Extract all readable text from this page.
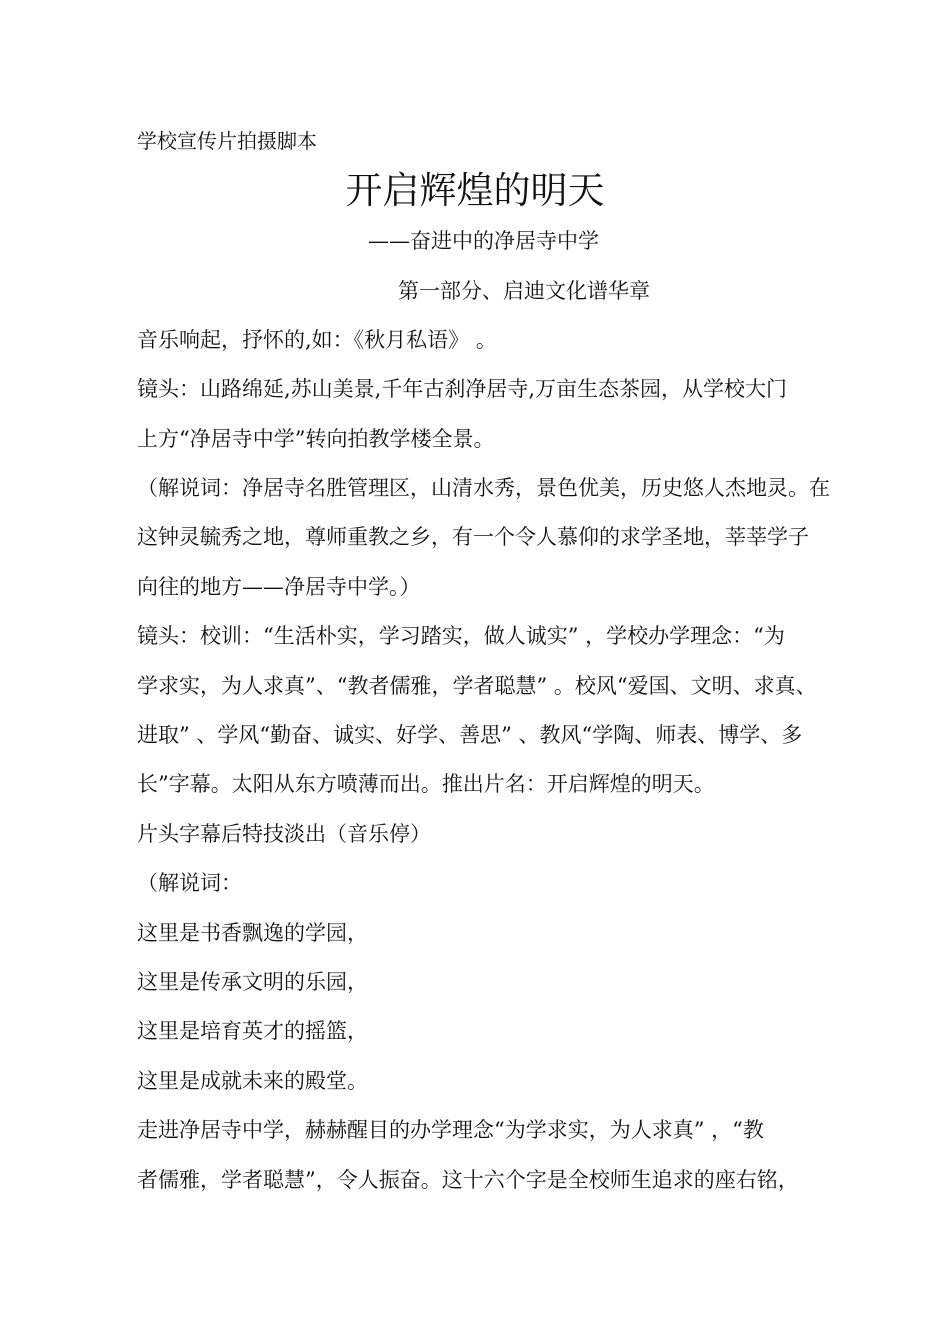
学校宣传片拍摄脚本
开启辉煌的明天
——奋进中的净居寺中学
第一部分、启迪文化谱华章
音乐响起，抒怀的,如：《秋月私语》 。
镜头：山路绵延,苏山美景,千年古刹净居寺,万亩生态茶园，从学校大门
上方“净居寺中学”转向拍教学楼全景。
（解说词：净居寺名胜管理区，山清水秀，景色优美，历史悠人杰地灵。在
这钟灵毓秀之地，尊师重教之乡，有一个令人慕仰的求学圣地，莘莘学子
向往的地方——净居寺中学。）
镜头：校训：“生活朴实，学习踏实，做人诚实” ，学校办学理念：“为
学求实，为人求真”、“教者儒雅，学者聪慧” 。校风“爱国、文明、求真、
进取” 、学风“勤奋、诚实、好学、善思” 、教风“学陶、师表、博学、多
长”字幕。太阳从东方喷薄而出。推出片名：开启辉煌的明天。
片头字幕后特技淡出（音乐停）
（解说词：
这里是书香飘逸的学园，
这里是传承文明的乐园，
这里是培育英才的摇篮，
这里是成就未来的殿堂。
走进净居寺中学，赫赫醒目的办学理念“为学求实，为人求真” ，“教
者儒雅，学者聪慧”，令人振奋。这十六个字是全校师生追求的座右铭，
